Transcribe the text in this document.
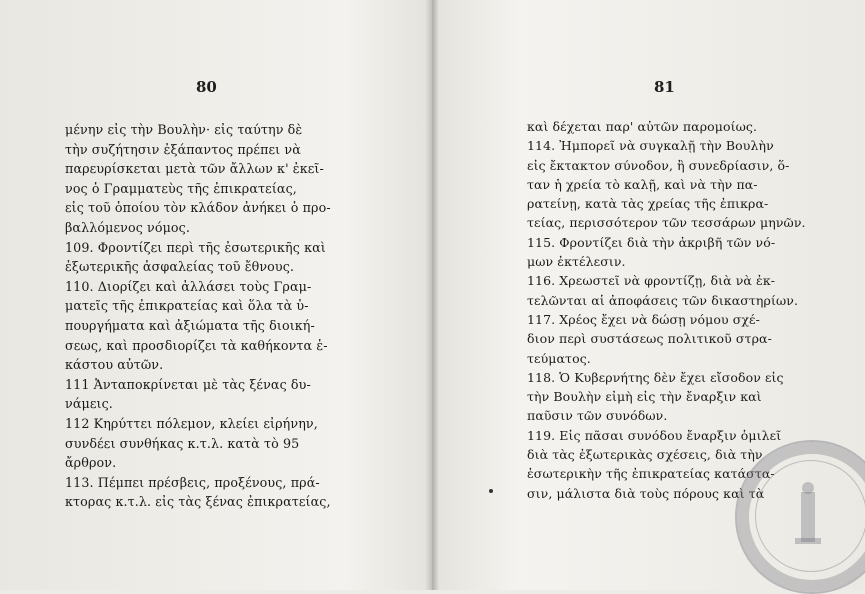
80
μένην εἰς τὴν Βουλὴν· εἰς ταύτην δὲ
τὴν συζήτησιν ἐξάπαντος πρέπει νὰ
παρευρίσκεται μετὰ τῶν ἄλλων κ' ἐκεῖ-
νος ὁ Γραμματεὺς τῆς ἐπικρατείας,
εἰς τοῦ ὁποίου τὸν κλάδον ἀνήκει ὁ προ-
βαλλόμενος νόμος.
109. Φροντίζει περὶ τῆς ἐσωτερικῆς καὶ
ἐξωτερικῆς ἀσφαλείας τοῦ ἔθνους.
110. Διορίζει καὶ ἀλλάσει τοὺς Γραμ-
ματεῖς τῆς ἐπικρατείας καὶ ὅλα τὰ ὑ-
πουργήματα καὶ ἀξιώματα τῆς διοική-
σεως, καὶ προσδιορίζει τὰ καθήκοντα ἑ-
κάστου αὐτῶν.
111 Ἀνταποκρίνεται μὲ τὰς ξένας δυ-
νάμεις.
112 Κηρύττει πόλεμον, κλείει εἰρήνην,
συνδέει συνθήκας κ.τ.λ. κατὰ τὸ 95
ἄρθρον.
113. Πέμπει πρέσβεις, προξένους, πρά-
κτορας κ.τ.λ. εἰς τὰς ξένας ἐπικρατείας,
81
καὶ δέχεται παρ' αὐτῶν παρομοίως.
114. Ἠμπορεῖ νὰ συγκαλῇ τὴν Βουλὴν
εἰς ἔκτακτον σύνοδον, ἢ συνεδρίασιν, ὅ-
ταν ἡ χρεία τὸ καλῇ, καὶ νὰ τὴν πα-
ρατείνῃ, κατὰ τὰς χρείας τῆς ἐπικρα-
τείας, περισσότερον τῶν τεσσάρων μηνῶν.
115. Φροντίζει διὰ τὴν ἀκριβῆ τῶν νό-
μων ἐκτέλεσιν.
116. Χρεωστεῖ νὰ φροντίζῃ, διὰ νὰ ἐκ-
τελῶνται αἱ ἀποφάσεις τῶν δικαστηρίων.
117. Χρέος ἔχει νὰ δώσῃ νόμου σχέ-
διον περὶ συστάσεως πολιτικοῦ στρα-
τεύματος.
118. Ὁ Κυβερνήτης δὲν ἔχει εἴσοδον εἰς
τὴν Βουλὴν εἰμὴ εἰς τὴν ἔναρξιν καὶ
παῦσιν τῶν συνόδων.
119. Εἰς πᾶσαι συνόδου ἔναρξιν ὁμιλεῖ
διὰ τὰς ἐξωτερικὰς σχέσεις, διὰ τὴν
ἐσωτερικὴν τῆς ἐπικρατείας κατάστα-
σιν, μάλιστα διὰ τοὺς πόρους καὶ τὰ
